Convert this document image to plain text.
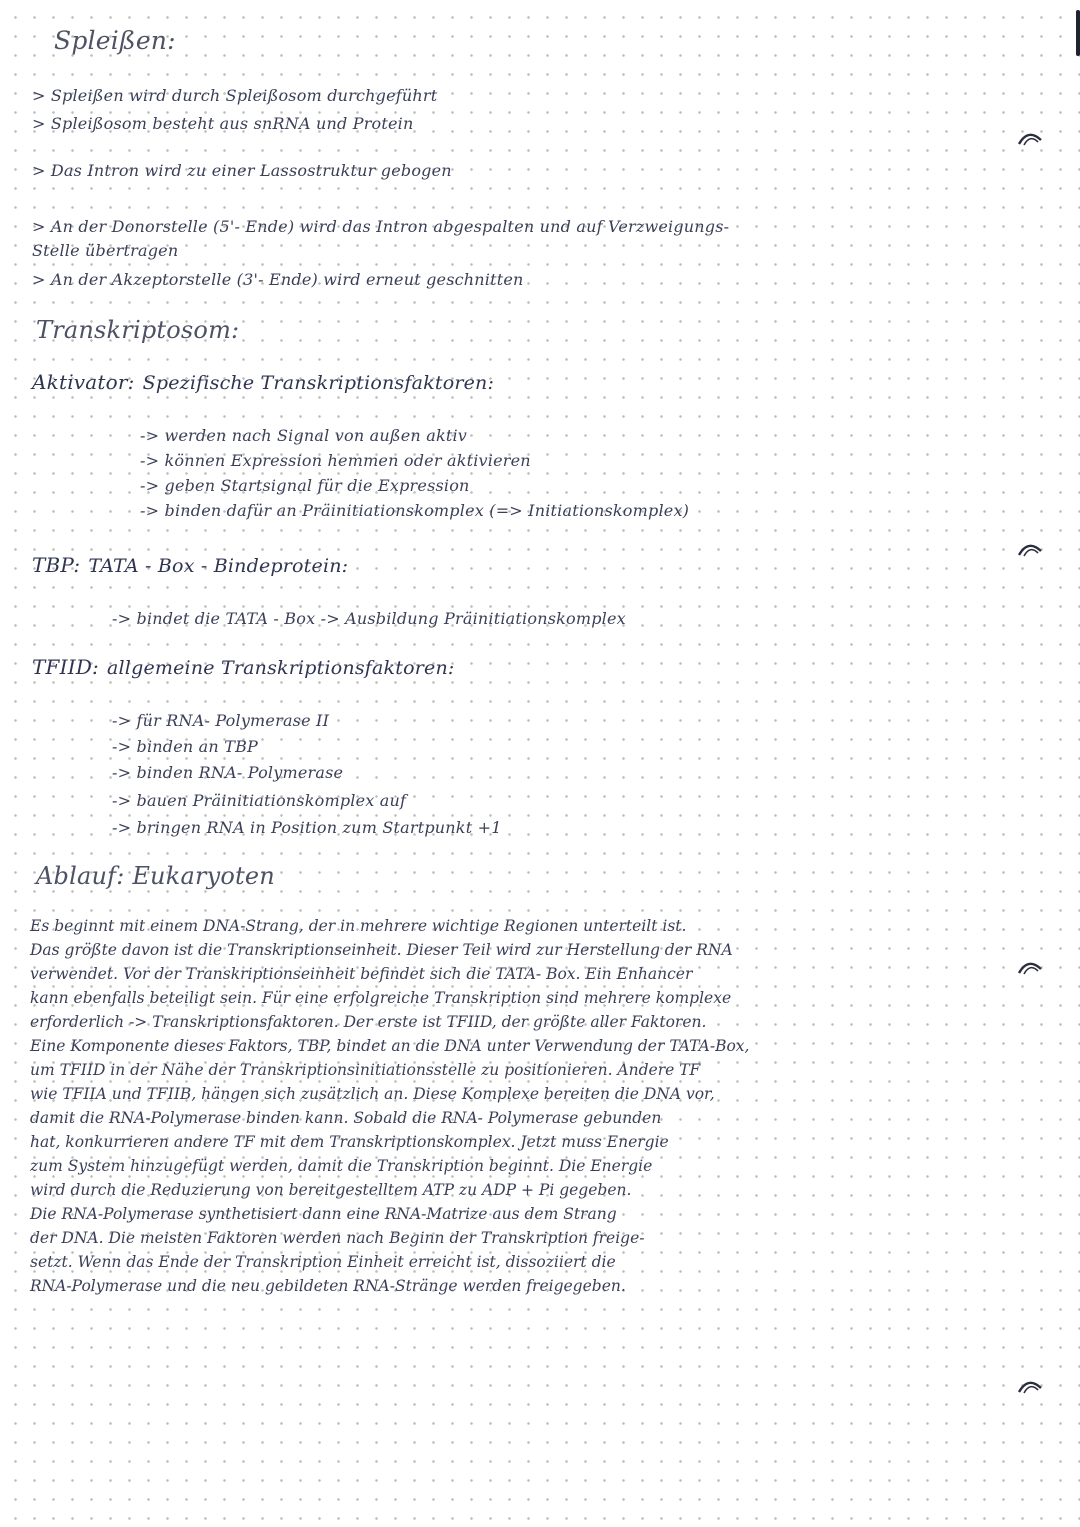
Spleißen:
> Spleißen wird durch Spleißosom durchgeführt
> Spleißosom besteht aus snRNA und Protein
> Das Intron wird zu einer Lassostruktur gebogen
> An der Donorstelle (5'- Ende) wird das Intron abgespalten und auf Verzweigungs-
Stelle übertragen
> An der Akzeptorstelle (3'- Ende) wird erneut geschnitten
Transkriptosom:
Aktivator: Spezifische Transkriptionsfaktoren:
-> werden nach Signal von außen aktiv
-> können Expression hemmen oder aktivieren
-> geben Startsignal für die Expression
-> binden dafür an Präinitiationskomplex (=> Initiationskomplex)
TBP: TATA - Box - Bindeprotein:
-> bindet die TATA - Box -> Ausbildung Präinitiationskomplex
TFIID: allgemeine Transkriptionsfaktoren:
-> für RNA- Polymerase II
-> binden an TBP
-> binden RNA- Polymerase
-> bauen Präinitiationskomplex auf
-> bringen RNA in Position zum Startpunkt +1
Ablauf: Eukaryoten
Es beginnt mit einem DNA-Strang, der in mehrere wichtige Regionen unterteilt ist.
Das größte davon ist die Transkriptionseinheit. Dieser Teil wird zur Herstellung der RNA
verwendet. Vor der Transkriptionseinheit befindet sich die TATA- Box. Ein Enhancer
kann ebenfalls beteiligt sein. Für eine erfolgreiche Transkription sind mehrere komplexe
erforderlich -> Transkriptionsfaktoren. Der erste ist TFIID, der größte aller Faktoren.
Eine Komponente dieses Faktors, TBP, bindet an die DNA unter Verwendung der TATA-Box,
um TFIID in der Nähe der Transkriptionsinitiationsstelle zu positionieren. Andere TF
wie TFIIA und TFIIB, hängen sich zusätzlich an. Diese Komplexe bereiten die DNA vor,
damit die RNA-Polymerase binden kann. Sobald die RNA- Polymerase gebunden
hat, konkurrieren andere TF mit dem Transkriptionskomplex. Jetzt muss Energie
zum System hinzugefügt werden, damit die Transkription beginnt. Die Energie
wird durch die Reduzierung von bereitgestelltem ATP zu ADP + Pi gegeben.
Die RNA-Polymerase synthetisiert dann eine RNA-Matrize aus dem Strang
der DNA. Die meisten Faktoren werden nach Beginn der Transkription freige-
setzt. Wenn das Ende der Transkription Einheit erreicht ist, dissoziiert die
RNA-Polymerase und die neu gebildeten RNA-Stränge werden freigegeben.
